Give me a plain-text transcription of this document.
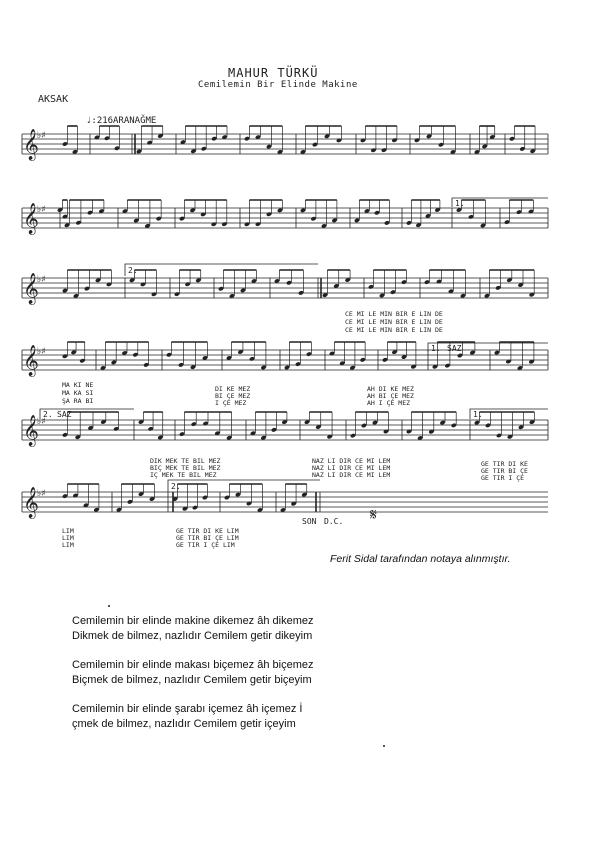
MAHUR TÜRKÜ
Cemilemin Bir Elinde Makine
AKSAK
♩:216 ARANAĞME
𝄞
♭♯
𝄞
♭♯
𝄞
♭♯
𝄞
♭♯
𝄞
♭♯
𝄞
♭♯
1.
2.
1. SAZ
2. SAZ	1.
2.
SON D.C. 𝄋
CE MI LE MIN BIR E LIN DE
CE MI LE MIN BIR E LIN DE
CE MI LE MIN BIR E LIN DE
MA KI NE
MA KA SI
ŞA RA BI
DI KE MEZ
BI ÇE MEZ
I ÇE MEZ
AH DI KE MEZ
AH BI ÇE MEZ
AH I ÇE MEZ
DIK MEK TE BIL MEZ
BIÇ MEK TE BIL MEZ
IÇ MEK TE BIL MEZ
NAZ LI DIR CE MI LEM
NAZ LI DIR CE MI LEM
NAZ LI DIR CE MI LEM
GE TIR DI KE
GE TIR BI ÇE
GE TIR I ÇE
LIM
LIM
LIM
GE TIR DI KE LIM
GE TIR BI ÇE LIM
GE TIR I ÇE LIM
Ferit Sidal tarafından notaya alınmıştır.
Cemilemin bir elinde makine dikemez âh dikemez
Dikmek de bilmez, nazlıdır Cemilem getir dikeyim
Cemilemin bir elinde makası biçemez âh biçemez
Biçmek de bilmez, nazlıdır Cemilem getir biçeyim
Cemilemin bir elinde şarabı içemez âh içemez İ
çmek de bilmez, nazlıdır Cemilem getir içeyim
